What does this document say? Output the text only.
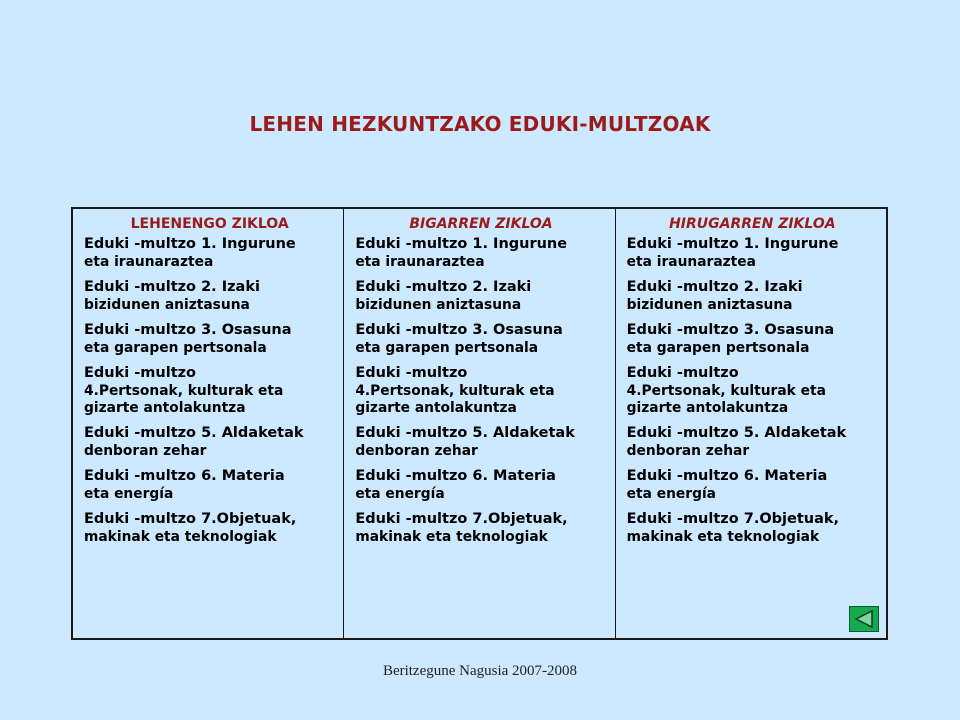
LEHEN HEZKUNTZAKO EDUKI-MULTZOAK
LEHENENGO ZIKLOA
Eduki -multzo 1. Ingurune
eta iraunaraztea
Eduki -multzo 2. Izaki
bizidunen aniztasuna
Eduki -multzo 3. Osasuna
eta garapen pertsonala
Eduki -multzo
4.Pertsonak, kulturak eta gizarte antolakuntza
Eduki -multzo 5. Aldaketak
denboran zehar
Eduki -multzo 6. Materia
eta energía
Eduki -multzo 7.Objetuak,
makinak eta teknologiak
BIGARREN ZIKLOA
Eduki -multzo 1. Ingurune
eta iraunaraztea
Eduki -multzo 2. Izaki
bizidunen aniztasuna
Eduki -multzo 3. Osasuna
eta garapen pertsonala
Eduki -multzo
4.Pertsonak, kulturak eta gizarte antolakuntza
Eduki -multzo 5. Aldaketak
denboran zehar
Eduki -multzo 6. Materia
eta energía
Eduki -multzo 7.Objetuak,
makinak eta teknologiak
HIRUGARREN ZIKLOA
Eduki -multzo 1. Ingurune
eta iraunaraztea
Eduki -multzo 2. Izaki
bizidunen aniztasuna
Eduki -multzo 3. Osasuna
eta garapen pertsonala
Eduki -multzo
4.Pertsonak, kulturak eta gizarte antolakuntza
Eduki -multzo 5. Aldaketak
denboran zehar
Eduki -multzo 6. Materia
eta energía
Eduki -multzo 7.Objetuak,
makinak eta teknologiak
Beritzegune Nagusia 2007-2008
